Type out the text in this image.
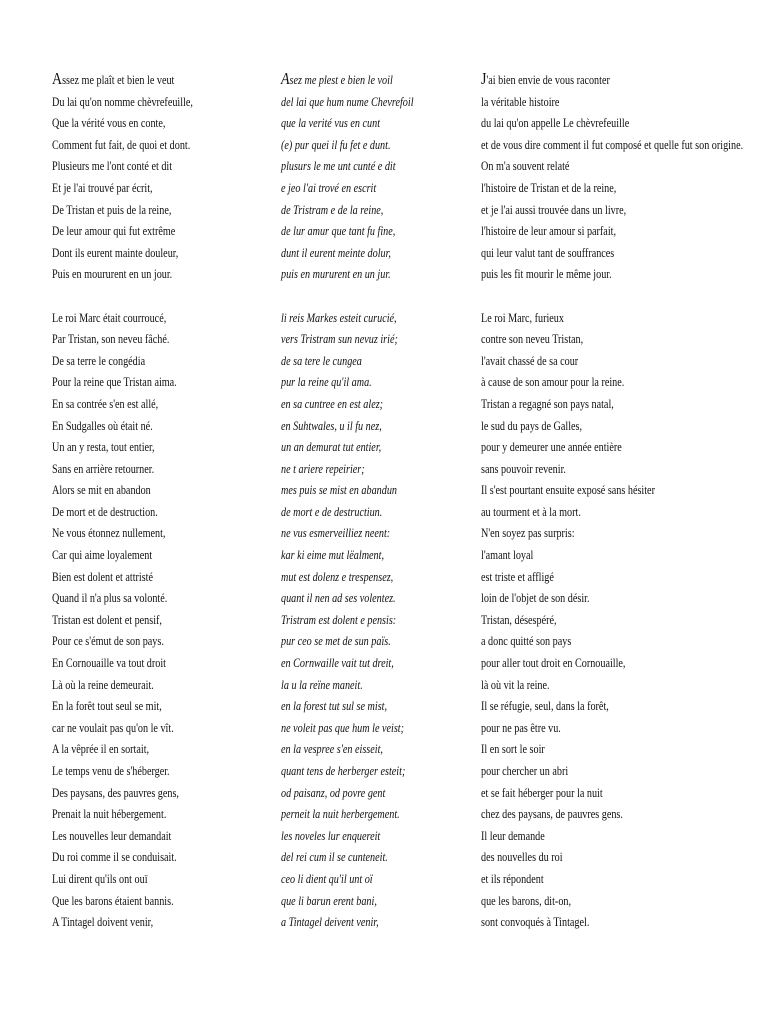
Assez me plaît et bien le veut
Du lai qu'on nomme chèvrefeuille,
Que la vérité vous en conte,
Comment fut fait, de quoi et dont.
Plusieurs me l'ont conté et dit
Et je l'ai trouvé par écrit,
De Tristan et puis de la reine,
De leur amour qui fut extrême
Dont ils eurent mainte douleur,
Puis en moururent en un jour.
Le roi Marc était courroucé,
Par Tristan, son neveu fâché.
De sa terre le congédia
Pour la reine que Tristan aima.
En sa contrée s'en est allé,
En Sudgalles où était né.
Un an y resta, tout entier,
Sans en arrière retourner.
Alors se mit en abandon
De mort et de destruction.
Ne vous étonnez nullement,
Car qui aime loyalement
Bien est dolent et attristé
Quand il n'a plus sa volonté.
Tristan est dolent et pensif,
Pour ce s'émut de son pays.
En Cornouaille va tout droit
Là où la reine demeurait.
En la forêt tout seul se mit,
car ne voulait pas qu'on le vît.
A la vêprée il en sortait,
Le temps venu de s'héberger.
Des paysans, des pauvres gens,
Prenait la nuit hébergement.
Les nouvelles leur demandait
Du roi comme il se conduisait.
Lui dirent qu'ils ont ouï
Que les barons étaient bannis.
A Tintagel doivent venir,
Asez me plest e bien le voil
del lai que hum nume Chevrefoil
que la verité vus en cunt
(e) pur quei il fu fet e dunt.
plusurs le me unt cunté e dit
e jeo l'ai trové en escrit
de Tristram e de la reine,
de lur amur que tant fu fine,
dunt il eurent meinte dolur,
puis en mururent en un jur.
li reis Markes esteit curucié,
vers Tristram sun nevuz irié;
de sa tere le cungea
pur la reine qu'il ama.
en sa cuntree en est alez;
en Suhtwales, u il fu nez,
un an demurat tut entier,
ne t ariere repeirier;
mes puis se mist en abandun
de mort e de destructiun.
ne vus esmerveilliez neent:
kar ki eime mut lëalment,
mut est dolenz e trespensez,
quant il nen ad ses volentez.
Tristram est dolent e pensis:
pur ceo se met de sun païs.
en Cornwaille vait tut dreit,
la u la reïne maneit.
en la forest tut sul se mist,
ne voleit pas que hum le veist;
en la vespree s'en eisseit,
quant tens de herberger esteit;
od paisanz, od povre gent
perneit la nuit herbergement.
les noveles lur enquereit
del rei cum il se cunteneit.
ceo li dient qu'il unt oï
que li barun erent bani,
a Tintagel deivent venir,
J'ai bien envie de vous raconter
la véritable histoire
du lai qu'on appelle Le chèvrefeuille
et de vous dire comment il fut composé et quelle fut son origine.
On m'a souvent relaté
l'histoire de Tristan et de la reine,
et je l'ai aussi trouvée dans un livre,
l'histoire de leur amour si parfait,
qui leur valut tant de souffrances
puis les fit mourir le même jour.
Le roi Marc, furieux
contre son neveu Tristan,
l'avait chassé de sa cour
à cause de son amour pour la reine.
Tristan a regagné son pays natal,
le sud du pays de Galles,
pour y demeurer une année entière
sans pouvoir revenir.
Il s'est pourtant ensuite exposé sans hésiter
au tourment et à la mort.
N'en soyez pas surpris:
l'amant loyal
est triste et affligé
loin de l'objet de son désir.
Tristan, désespéré,
a donc quitté son pays
pour aller tout droit en Cornouaille,
là où vit la reine.
Il se réfugie, seul, dans la forêt,
pour ne pas être vu.
Il en sort le soir
pour chercher un abri
et se fait héberger pour la nuit
chez des paysans, de pauvres gens.
Il leur demande
des nouvelles du roi
et ils répondent
que les barons, dit-on,
sont convoqués à Tintagel.
